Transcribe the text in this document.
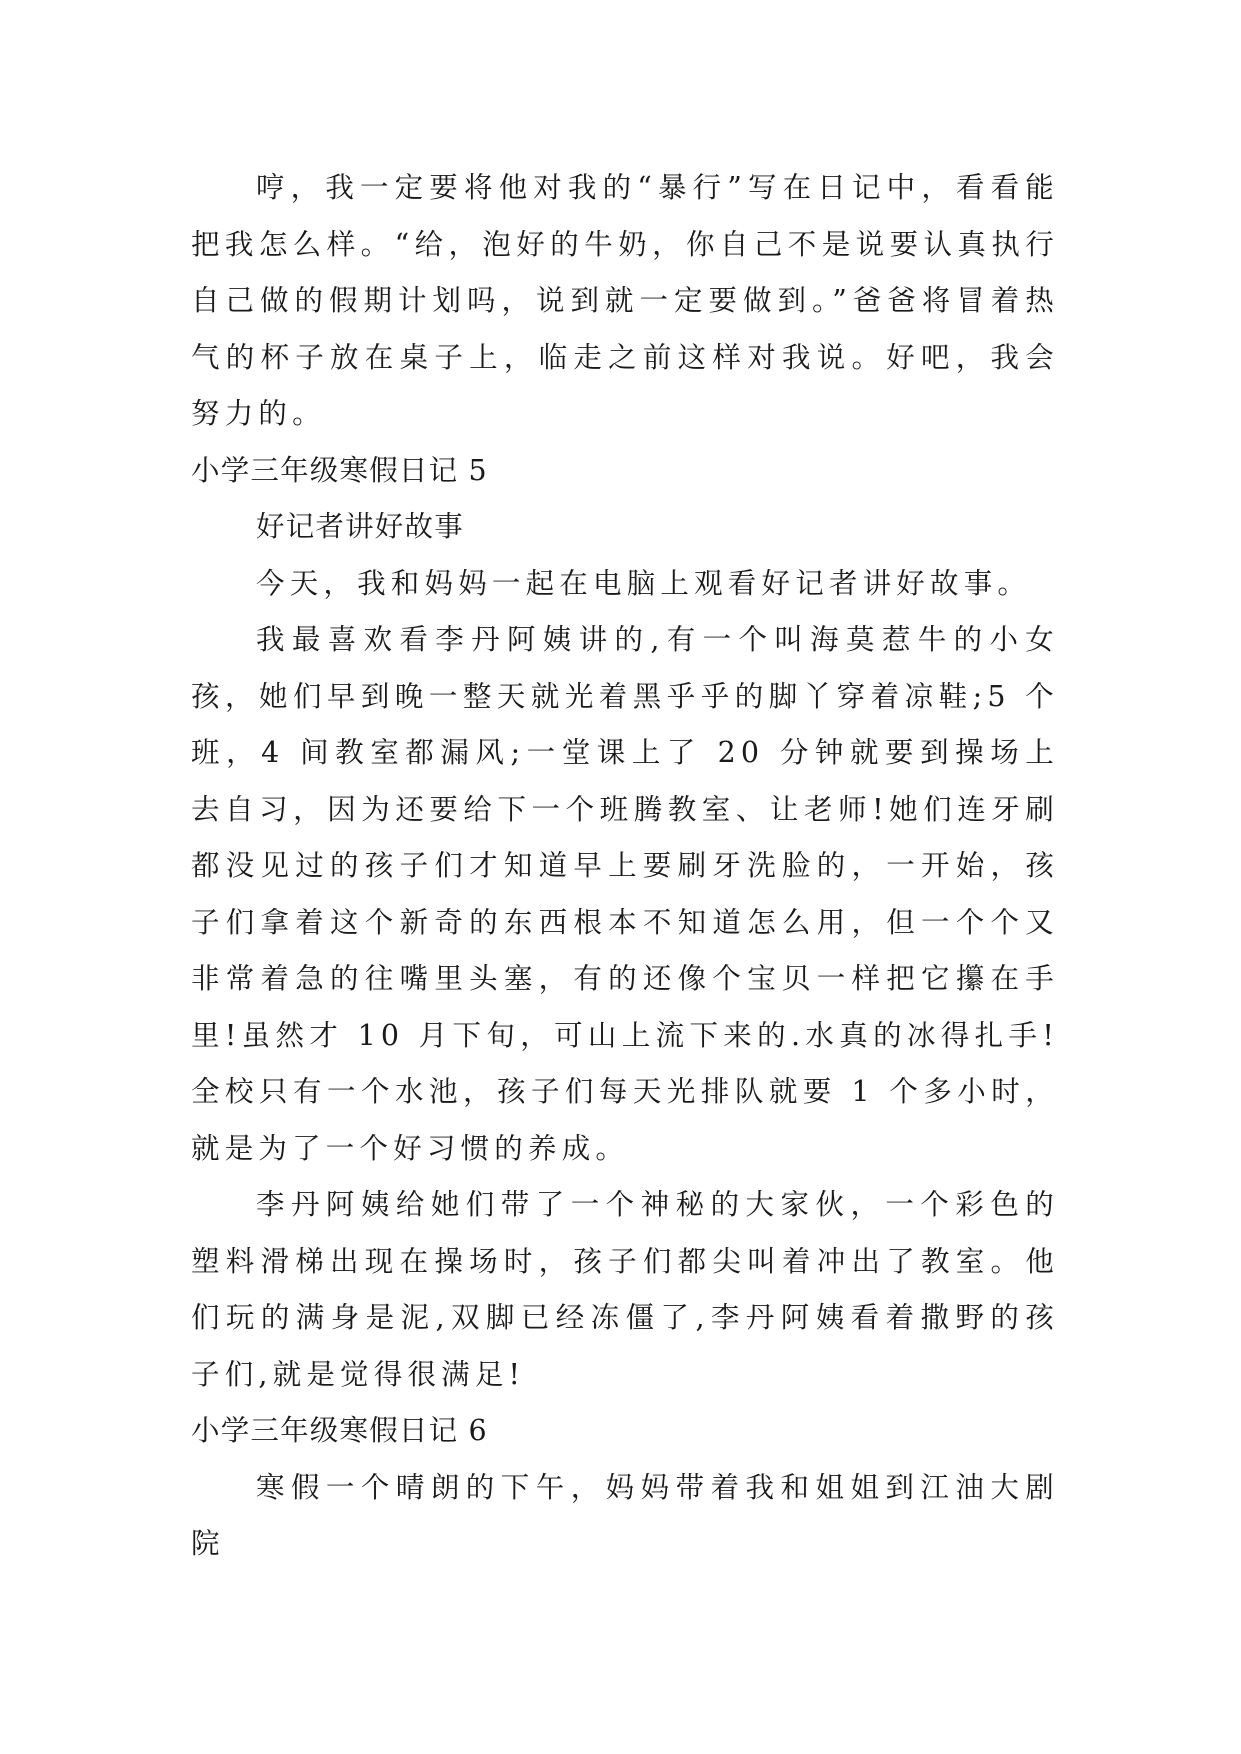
哼，我一定要将他对我的“暴行”写在日记中，看看能把我怎么样。“给，泡好的牛奶，你自己不是说要认真执行自己做的假期计划吗，说到就一定要做到。”爸爸将冒着热气的杯子放在桌子上，临走之前这样对我说。好吧，我会努力的。

小学三年级寒假日记 5

好记者讲好故事

今天，我和妈妈一起在电脑上观看好记者讲好故事。

我最喜欢看李丹阿姨讲的,有一个叫海莫惹牛的小女孩，她们早到晚一整天就光着黑乎乎的脚丫穿着凉鞋;5 个班，4 间教室都漏风;一堂课上了 20 分钟就要到操场上去自习，因为还要给下一个班腾教室、让老师!她们连牙刷都没见过的孩子们才知道早上要刷牙洗脸的，一开始，孩子们拿着这个新奇的东西根本不知道怎么用，但一个个又非常着急的往嘴里头塞，有的还像个宝贝一样把它攥在手里!虽然才 10 月下旬，可山上流下来的.水真的冰得扎手!全校只有一个水池，孩子们每天光排队就要 1 个多小时，就是为了一个好习惯的养成。

李丹阿姨给她们带了一个神秘的大家伙，一个彩色的塑料滑梯出现在操场时，孩子们都尖叫着冲出了教室。他们玩的满身是泥,双脚已经冻僵了,李丹阿姨看着撒野的孩子们,就是觉得很满足!

小学三年级寒假日记 6

寒假一个晴朗的下午，妈妈带着我和姐姐到江油大剧院
